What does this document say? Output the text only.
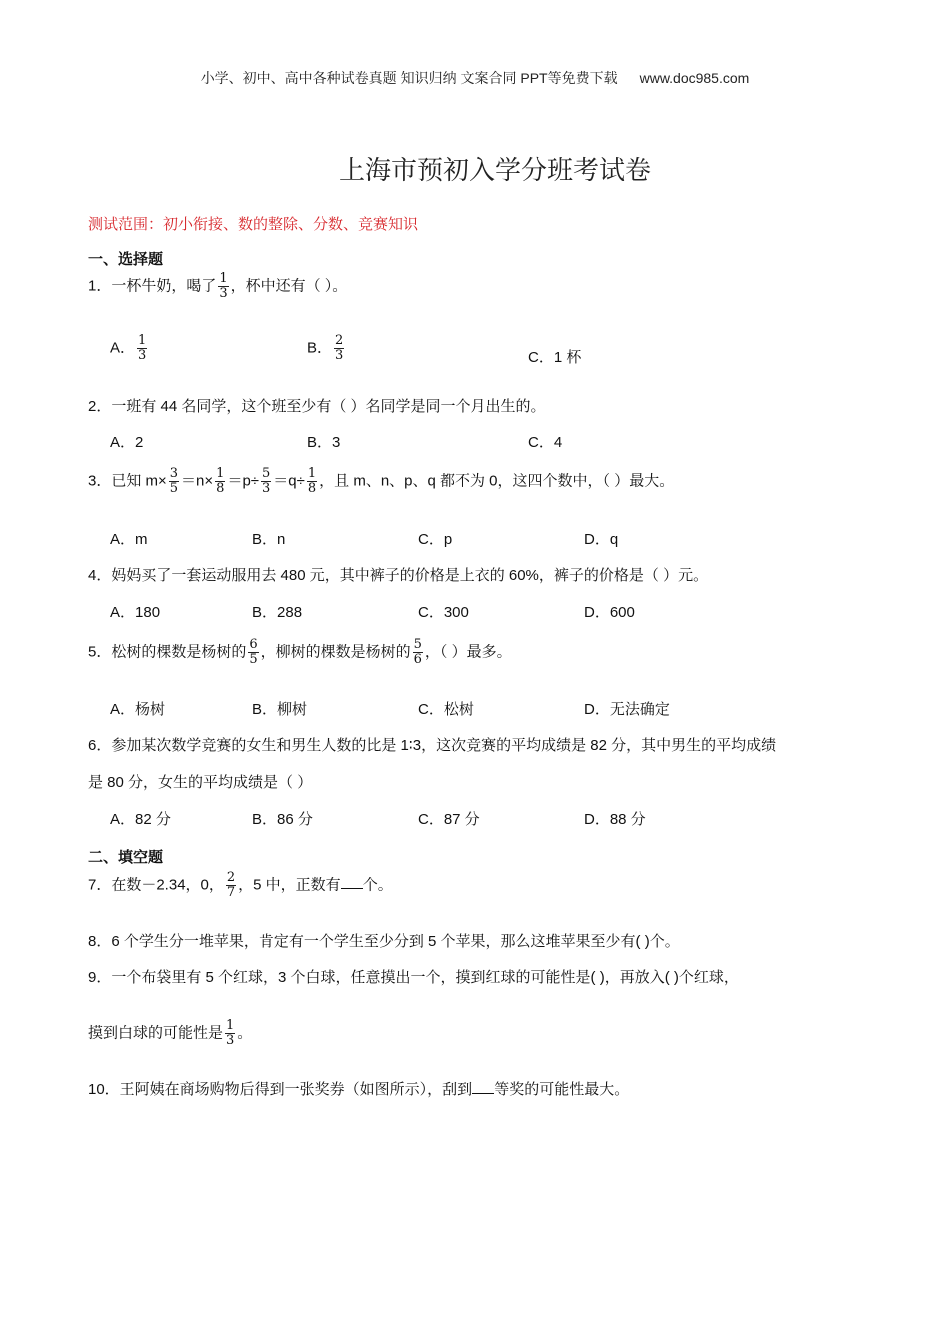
小学、初中、高中各种试卷真题 知识归纳 文案合同 PPT等免费下载 www.doc985.com
上海市预初入学分班考试卷
测试范围：初小衔接、数的整除、分数、竞赛知识
一、选择题
1．一杯牛奶，喝了 $\frac{1}{3}$ ，杯中还有（ ）。
A． $\frac{1}{3}$	B． $\frac{2}{3}$	C．1 杯
2．一班有 44 名同学，这个班至少有（ ）名同学是同一个月出生的。
A．2	B．3	C．4
3．已知 $m\times \frac{3}{5} =n\times \frac{1}{8} =p\div \frac{5}{3} =q\div \frac{1}{8}$ ，且 m、n、p、q 都不为 0，这四个数中，（ ）最大。
A．m	B．n	C．p	D．q
4．妈妈买了一套运动服用去 480 元，其中裤子的价格是上衣的 60%，裤子的价格是（ ）元。
A．180	B．288	C．300	D．600
5．松树的棵数是杨树的 $\frac{6}{5}$ ，柳树的棵数是杨树的 $\frac{5}{6}$ ，（ ）最多。
A．杨树	B．柳树	C．松树	D．无法确定
6．参加某次数学竞赛的女生和男生人数的比是 1∶3，这次竞赛的平均成绩是 82 分，其中男生的平均成绩
是 80 分，女生的平均成绩是（ ）
A．82 分	B．86 分	C．87 分	D．88 分
二、填空题
7．在数－2.34，0， $\frac{2}{7}$ ，5 中，正数有 个。
8．6 个学生分一堆苹果，肯定有一个学生至少分到 5 个苹果，那么这堆苹果至少有( )个。
9．一个布袋里有 5 个红球，3 个白球，任意摸出一个，摸到红球的可能性是( )，再放入( )个红球，
摸到白球的可能性是 $\frac{1}{3}$ 。
10．王阿姨在商场购物后得到一张奖券（如图所示），刮到 等奖的可能性最大。
